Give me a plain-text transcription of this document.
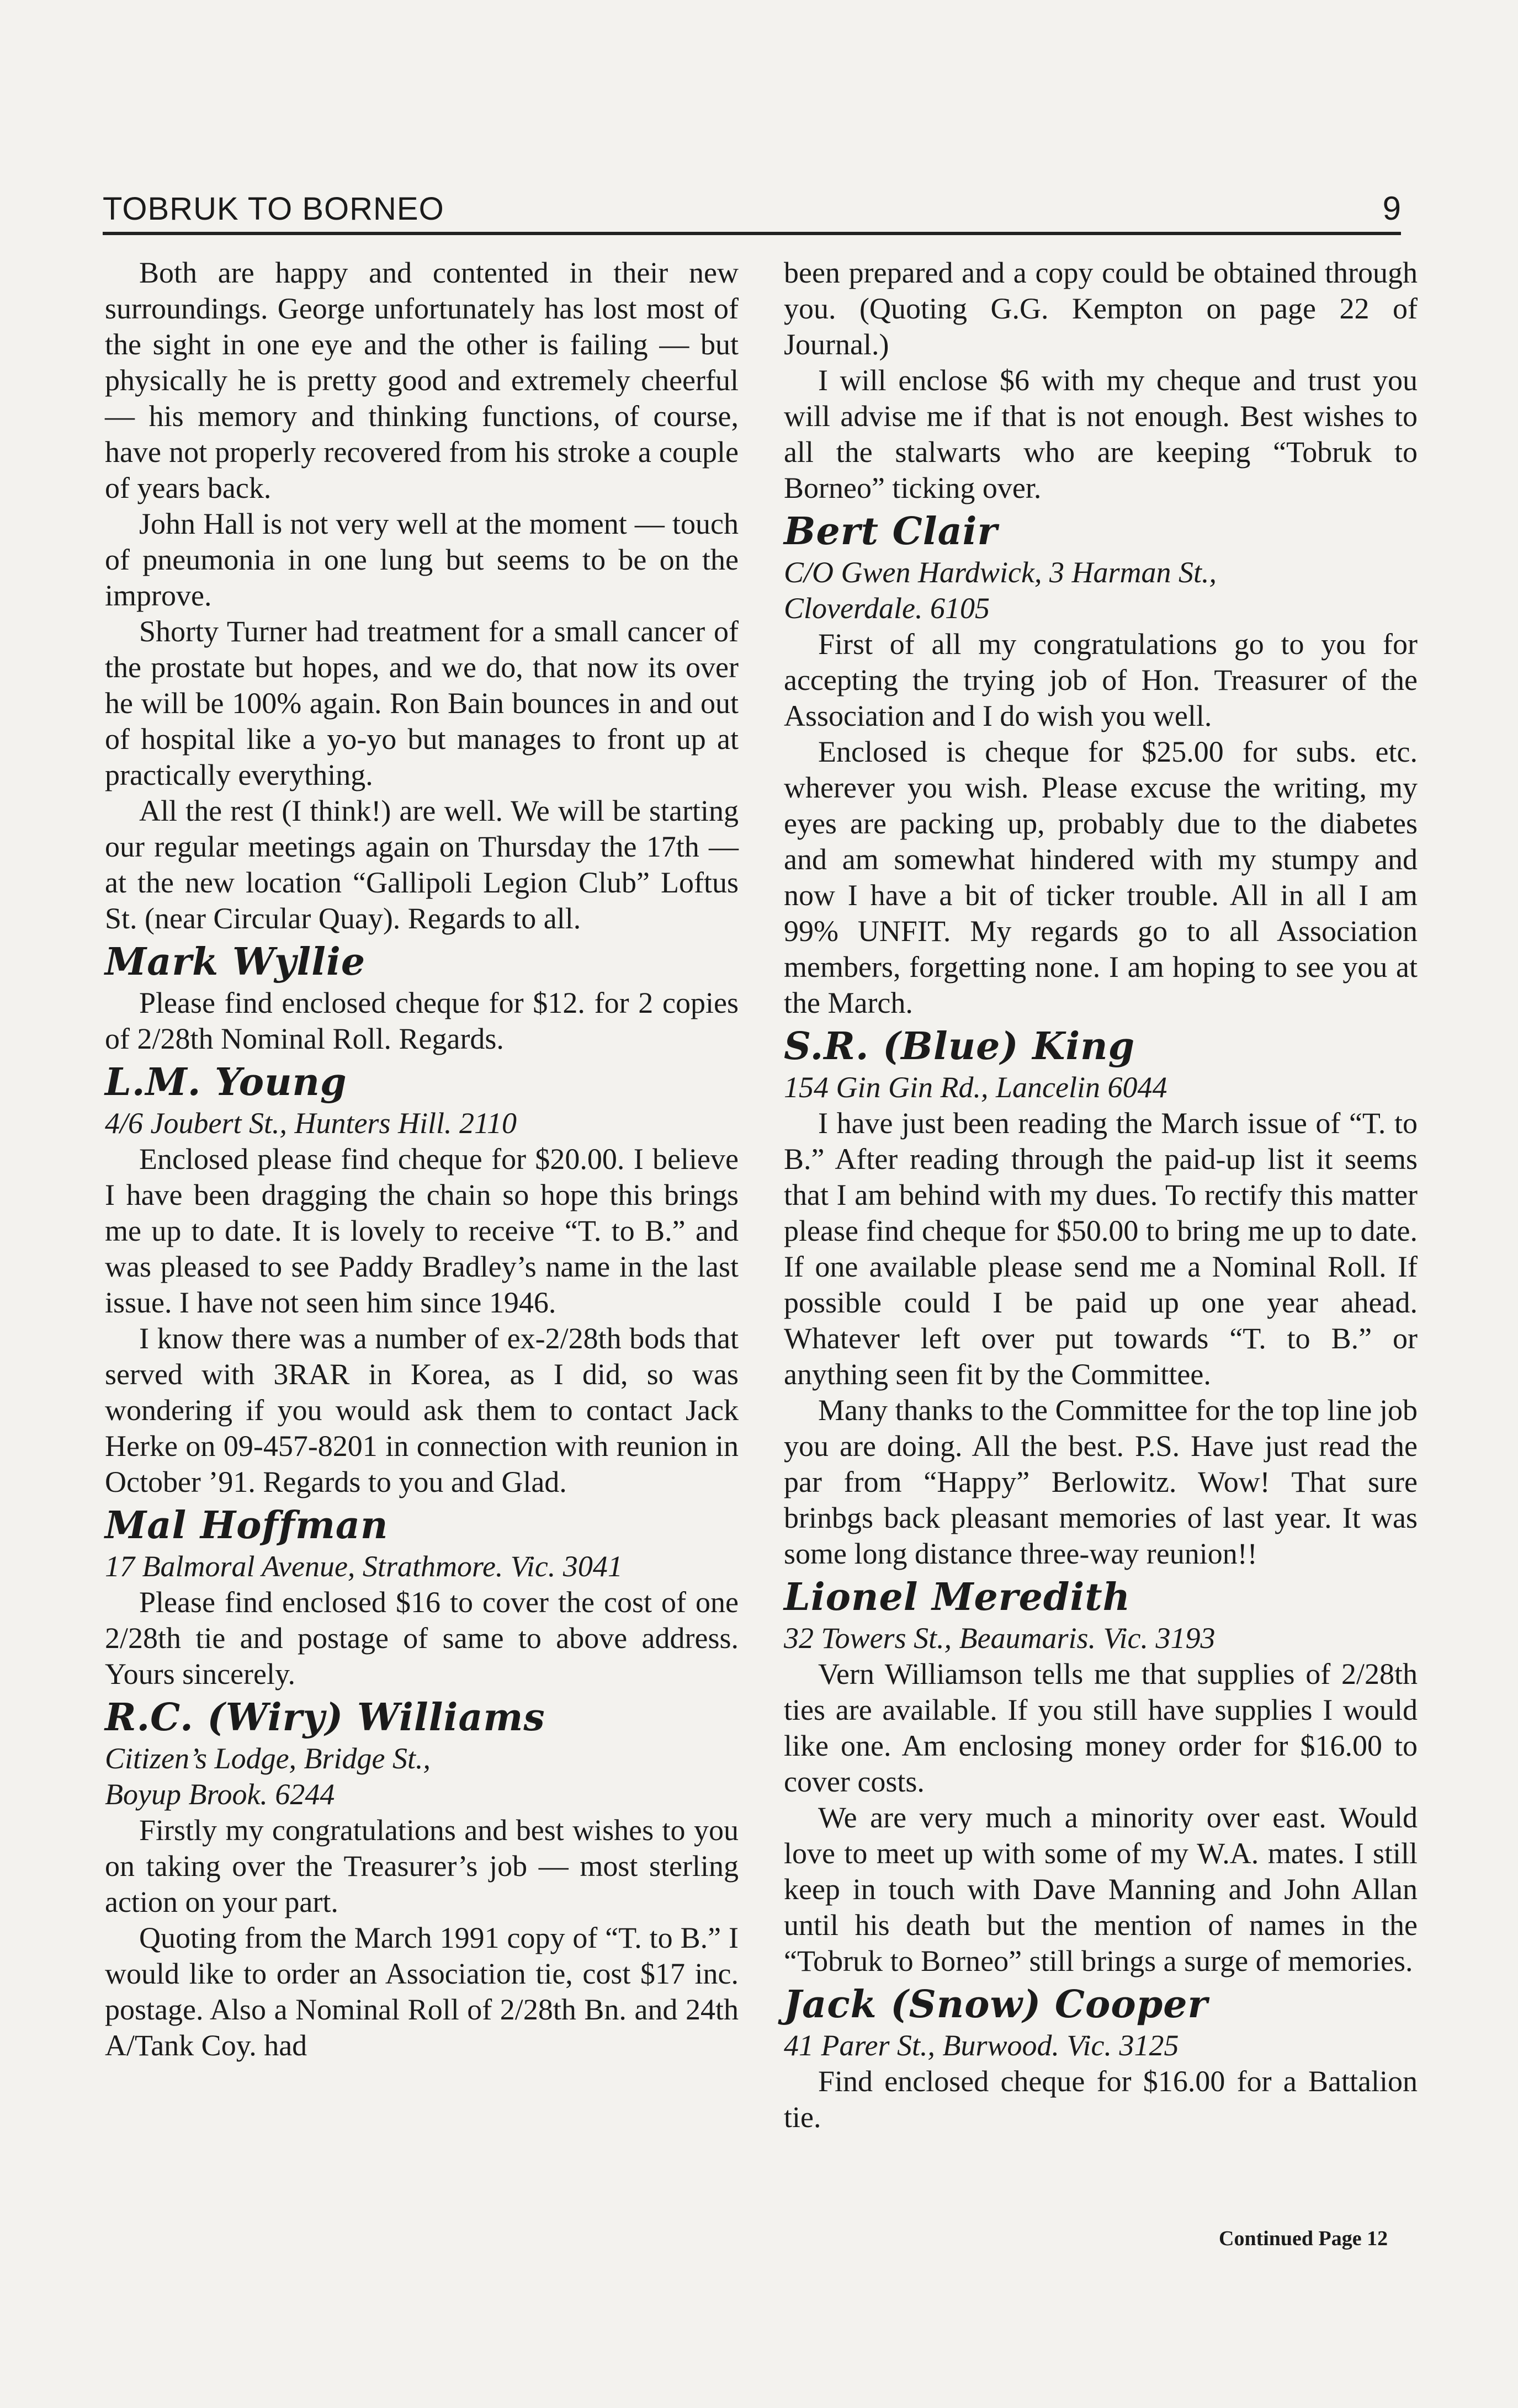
TOBRUK TO BORNEO	9

Both are happy and contented in their new surroundings. George unfortunately has lost most of the sight in one eye and the other is failing — but physically he is pretty good and extremely cheerful — his memory and thinking functions, of course, have not properly recovered from his stroke a couple of years back.

John Hall is not very well at the moment — touch of pneumonia in one lung but seems to be on the improve.

Shorty Turner had treatment for a small cancer of the prostate but hopes, and we do, that now its over he will be 100% again. Ron Bain bounces in and out of hospital like a yo-yo but manages to front up at practically everything.

All the rest (I think!) are well. We will be starting our regular meetings again on Thursday the 17th — at the new location “Gallipoli Legion Club” Loftus St. (near Circular Quay). Regards to all.

Mark Wyllie

Please find enclosed cheque for $12. for 2 copies of 2/28th Nominal Roll. Regards.

L.M. Young

4/6 Joubert St., Hunters Hill. 2110

Enclosed please find cheque for $20.00. I believe I have been dragging the chain so hope this brings me up to date. It is lovely to receive “T. to B.” and was pleased to see Paddy Bradley’s name in the last issue. I have not seen him since 1946.

I know there was a number of ex-2/28th bods that served with 3RAR in Korea, as I did, so was wondering if you would ask them to contact Jack Herke on 09-457-8201 in connection with reunion in October ’91. Regards to you and Glad.

Mal Hoffman

17 Balmoral Avenue, Strathmore. Vic. 3041

Please find enclosed $16 to cover the cost of one 2/28th tie and postage of same to above address. Yours sincerely.

R.C. (Wiry) Williams

Citizen’s Lodge, Bridge St.,

Boyup Brook. 6244

Firstly my congratulations and best wishes to you on taking over the Treasurer’s job — most sterling action on your part.

Quoting from the March 1991 copy of “T. to B.” I would like to order an Association tie, cost $17 inc. postage. Also a Nominal Roll of 2/28th Bn. and 24th A/Tank Coy. had

been prepared and a copy could be obtained through you. (Quoting G.G. Kempton on page 22 of Journal.)

I will enclose $6 with my cheque and trust you will advise me if that is not enough. Best wishes to all the stalwarts who are keeping “Tobruk to Borneo” ticking over.

Bert Clair

C/O Gwen Hardwick, 3 Harman St.,

Cloverdale. 6105

First of all my congratulations go to you for accepting the trying job of Hon. Treasurer of the Association and I do wish you well.

Enclosed is cheque for $25.00 for subs. etc. wherever you wish. Please excuse the writing, my eyes are packing up, probably due to the diabetes and am somewhat hindered with my stumpy and now I have a bit of ticker trouble. All in all I am 99% UNFIT. My regards go to all Association members, forgetting none. I am hoping to see you at the March.

S.R. (Blue) King

154 Gin Gin Rd., Lancelin 6044

I have just been reading the March issue of “T. to B.” After reading through the paid-up list it seems that I am behind with my dues. To rectify this matter please find cheque for $50.00 to bring me up to date. If one available please send me a Nominal Roll. If possible could I be paid up one year ahead. Whatever left over put towards “T. to B.” or anything seen fit by the Committee.

Many thanks to the Committee for the top line job you are doing. All the best. P.S. Have just read the par from “Happy” Berlowitz. Wow! That sure brinbgs back pleasant memories of last year. It was some long distance three-way reunion!!

Lionel Meredith

32 Towers St., Beaumaris. Vic. 3193

Vern Williamson tells me that supplies of 2/28th ties are available. If you still have supplies I would like one. Am enclosing money order for $16.00 to cover costs.

We are very much a minority over east. Would love to meet up with some of my W.A. mates. I still keep in touch with Dave Manning and John Allan until his death but the mention of names in the “Tobruk to Borneo” still brings a surge of memories.

Jack (Snow) Cooper

41 Parer St., Burwood. Vic. 3125

Find enclosed cheque for $16.00 for a Battalion tie.

Continued Page 12
